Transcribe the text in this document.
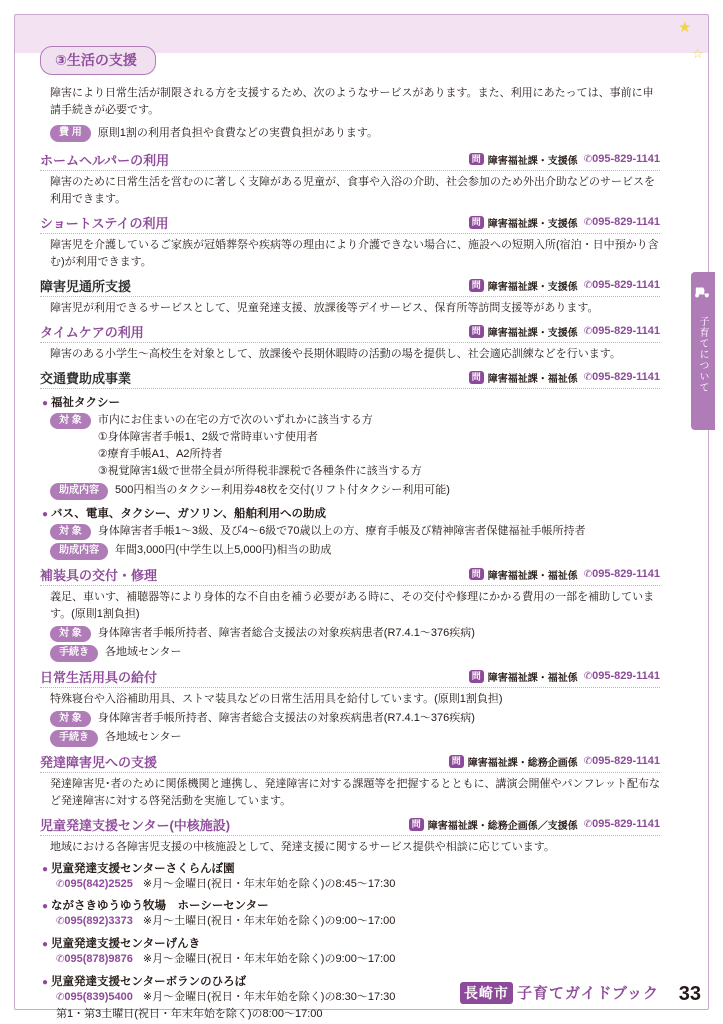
★
☆
子育てについて
③生活の支援
障害により日常生活が制限される方を支援するため、次のようなサービスがあります。また、利用にあたっては、事前に申請手続きが必要です。
費 用	原則1割の利用者負担や食費などの実費負担があります。
ホームヘルパーの利用	問 障害福祉課・支援係 ✆095-829-1141
障害のために日常生活を営むのに著しく支障がある児童が、食事や入浴の介助、社会参加のため外出介助などのサービスを利用できます。
ショートステイの利用	問 障害福祉課・支援係 ✆095-829-1141
障害児を介護しているご家族が冠婚葬祭や疾病等の理由により介護できない場合に、施設への短期入所(宿泊・日中預かり含む)が利用できます。
障害児通所支援	問 障害福祉課・支援係 ✆095-829-1141
障害児が利用できるサービスとして、児童発達支援、放課後等デイサービス、保育所等訪問支援等があります。
タイムケアの利用	問 障害福祉課・支援係 ✆095-829-1141
障害のある小学生〜高校生を対象として、放課後や長期休暇時の活動の場を提供し、社会適応訓練などを行います。
交通費助成事業	問 障害福祉課・福祉係 ✆095-829-1141
● 福祉タクシー
対 象	市内にお住まいの在宅の方で次のいずれかに該当する方
①身体障害者手帳1、2級で常時車いす使用者
②療育手帳A1、A2所持者
③視覚障害1級で世帯全員が所得税非課税で各種条件に該当する方
助成内容	500円相当のタクシー利用券48枚を交付(リフト付タクシー利用可能)
● バス、電車、タクシー、ガソリン、船舶利用への助成
対 象	身体障害者手帳1〜3級、及び4〜6級で70歳以上の方、療育手帳及び精神障害者保健福祉手帳所持者
助成内容	年間3,000円(中学生以上5,000円)相当の助成
補装具の交付・修理	問 障害福祉課・福祉係 ✆095-829-1141
義足、車いす、補聴器等により身体的な不自由を補う必要がある時に、その交付や修理にかかる費用の一部を補助しています。(原則1割負担)
対 象	身体障害者手帳所持者、障害者総合支援法の対象疾病患者(R7.4.1〜376疾病)
手続き	各地域センター
日常生活用具の給付	問 障害福祉課・福祉係 ✆095-829-1141
特殊寝台や入浴補助用具、ストマ装具などの日常生活用具を給付しています。(原則1割負担)
対 象	身体障害者手帳所持者、障害者総合支援法の対象疾病患者(R7.4.1〜376疾病)
手続き	各地域センター
発達障害児への支援	問 障害福祉課・総務企画係 ✆095-829-1141
発達障害児･者のために関係機関と連携し、発達障害に対する課題等を把握するとともに、講演会開催やパンフレット配布など発達障害に対する啓発活動を実施しています。
児童発達支援センター(中核施設)	問 障害福祉課・総務企画係／支援係 ✆095-829-1141
地域における各障害児支援の中核施設として、発達支援に関するサービス提供や相談に応じています。
● 児童発達支援センターさくらんぼ園
✆095(842)2525 ※月〜金曜日(祝日・年末年始を除く)の8:45〜17:30
● ながさきゆうゆう牧場　ホーシーセンター
✆095(892)3373 ※月〜土曜日(祝日・年末年始を除く)の9:00〜17:00
● 児童発達支援センターげんき
✆095(878)9876 ※月〜金曜日(祝日・年末年始を除く)の9:00〜17:00
● 児童発達支援センターボランのひろば
✆095(839)5400 ※月〜金曜日(祝日・年末年始を除く)の8:30〜17:30
第1・第3土曜日(祝日・年末年始を除く)の8:00〜17:00
長崎市 子育てガイドブック 33
